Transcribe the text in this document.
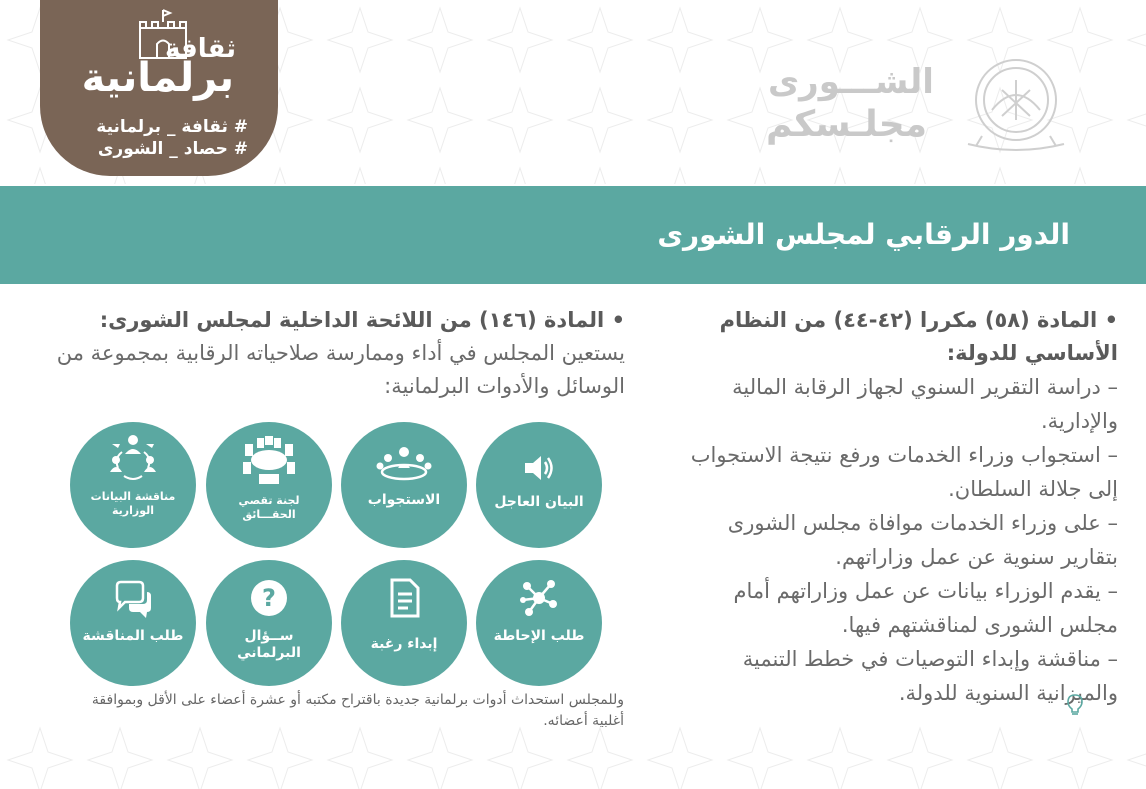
ثقافة
برلمانية
# ثقافة _ برلمانية
# حصاد _ الشورى
الشـــورى
مجلـسكم
الدور الرقابي لمجلس الشورى
• المادة (٥٨) مكررا (٤٢-٤٤) من النظام الأساسي للدولة:
– دراسة التقرير السنوي لجهاز الرقابة المالية والإدارية.
– استجواب وزراء الخدمات ورفع نتيجة الاستجواب إلى جلالة السلطان.
– على وزراء الخدمات موافاة مجلس الشورى بتقارير سنوية عن عمل وزاراتهم.
– يقدم الوزراء بيانات عن عمل وزاراتهم أمام مجلس الشورى لمناقشتهم فيها.
– مناقشة وإبداء التوصيات في خطط التنمية والميزانية السنوية للدولة.
• المادة (١٤٦) من اللائحة الداخلية لمجلس الشورى:
يستعين المجلس في أداء وممارسة صلاحياته الرقابية بمجموعة من الوسائل والأدوات البرلمانية:
البيان العاجل
الاستجواب
لجنة تقصي الحقـــائق
مناقشة البيانات الوزارية
طلب الإحاطة
إبداء رغبة
?
ســؤال البرلماني
طلب المناقشة
وللمجلس استحداث أدوات برلمانية جديدة باقتراح مكتبه أو عشرة أعضاء على الأقل وبموافقة أغلبية أعضائه.
